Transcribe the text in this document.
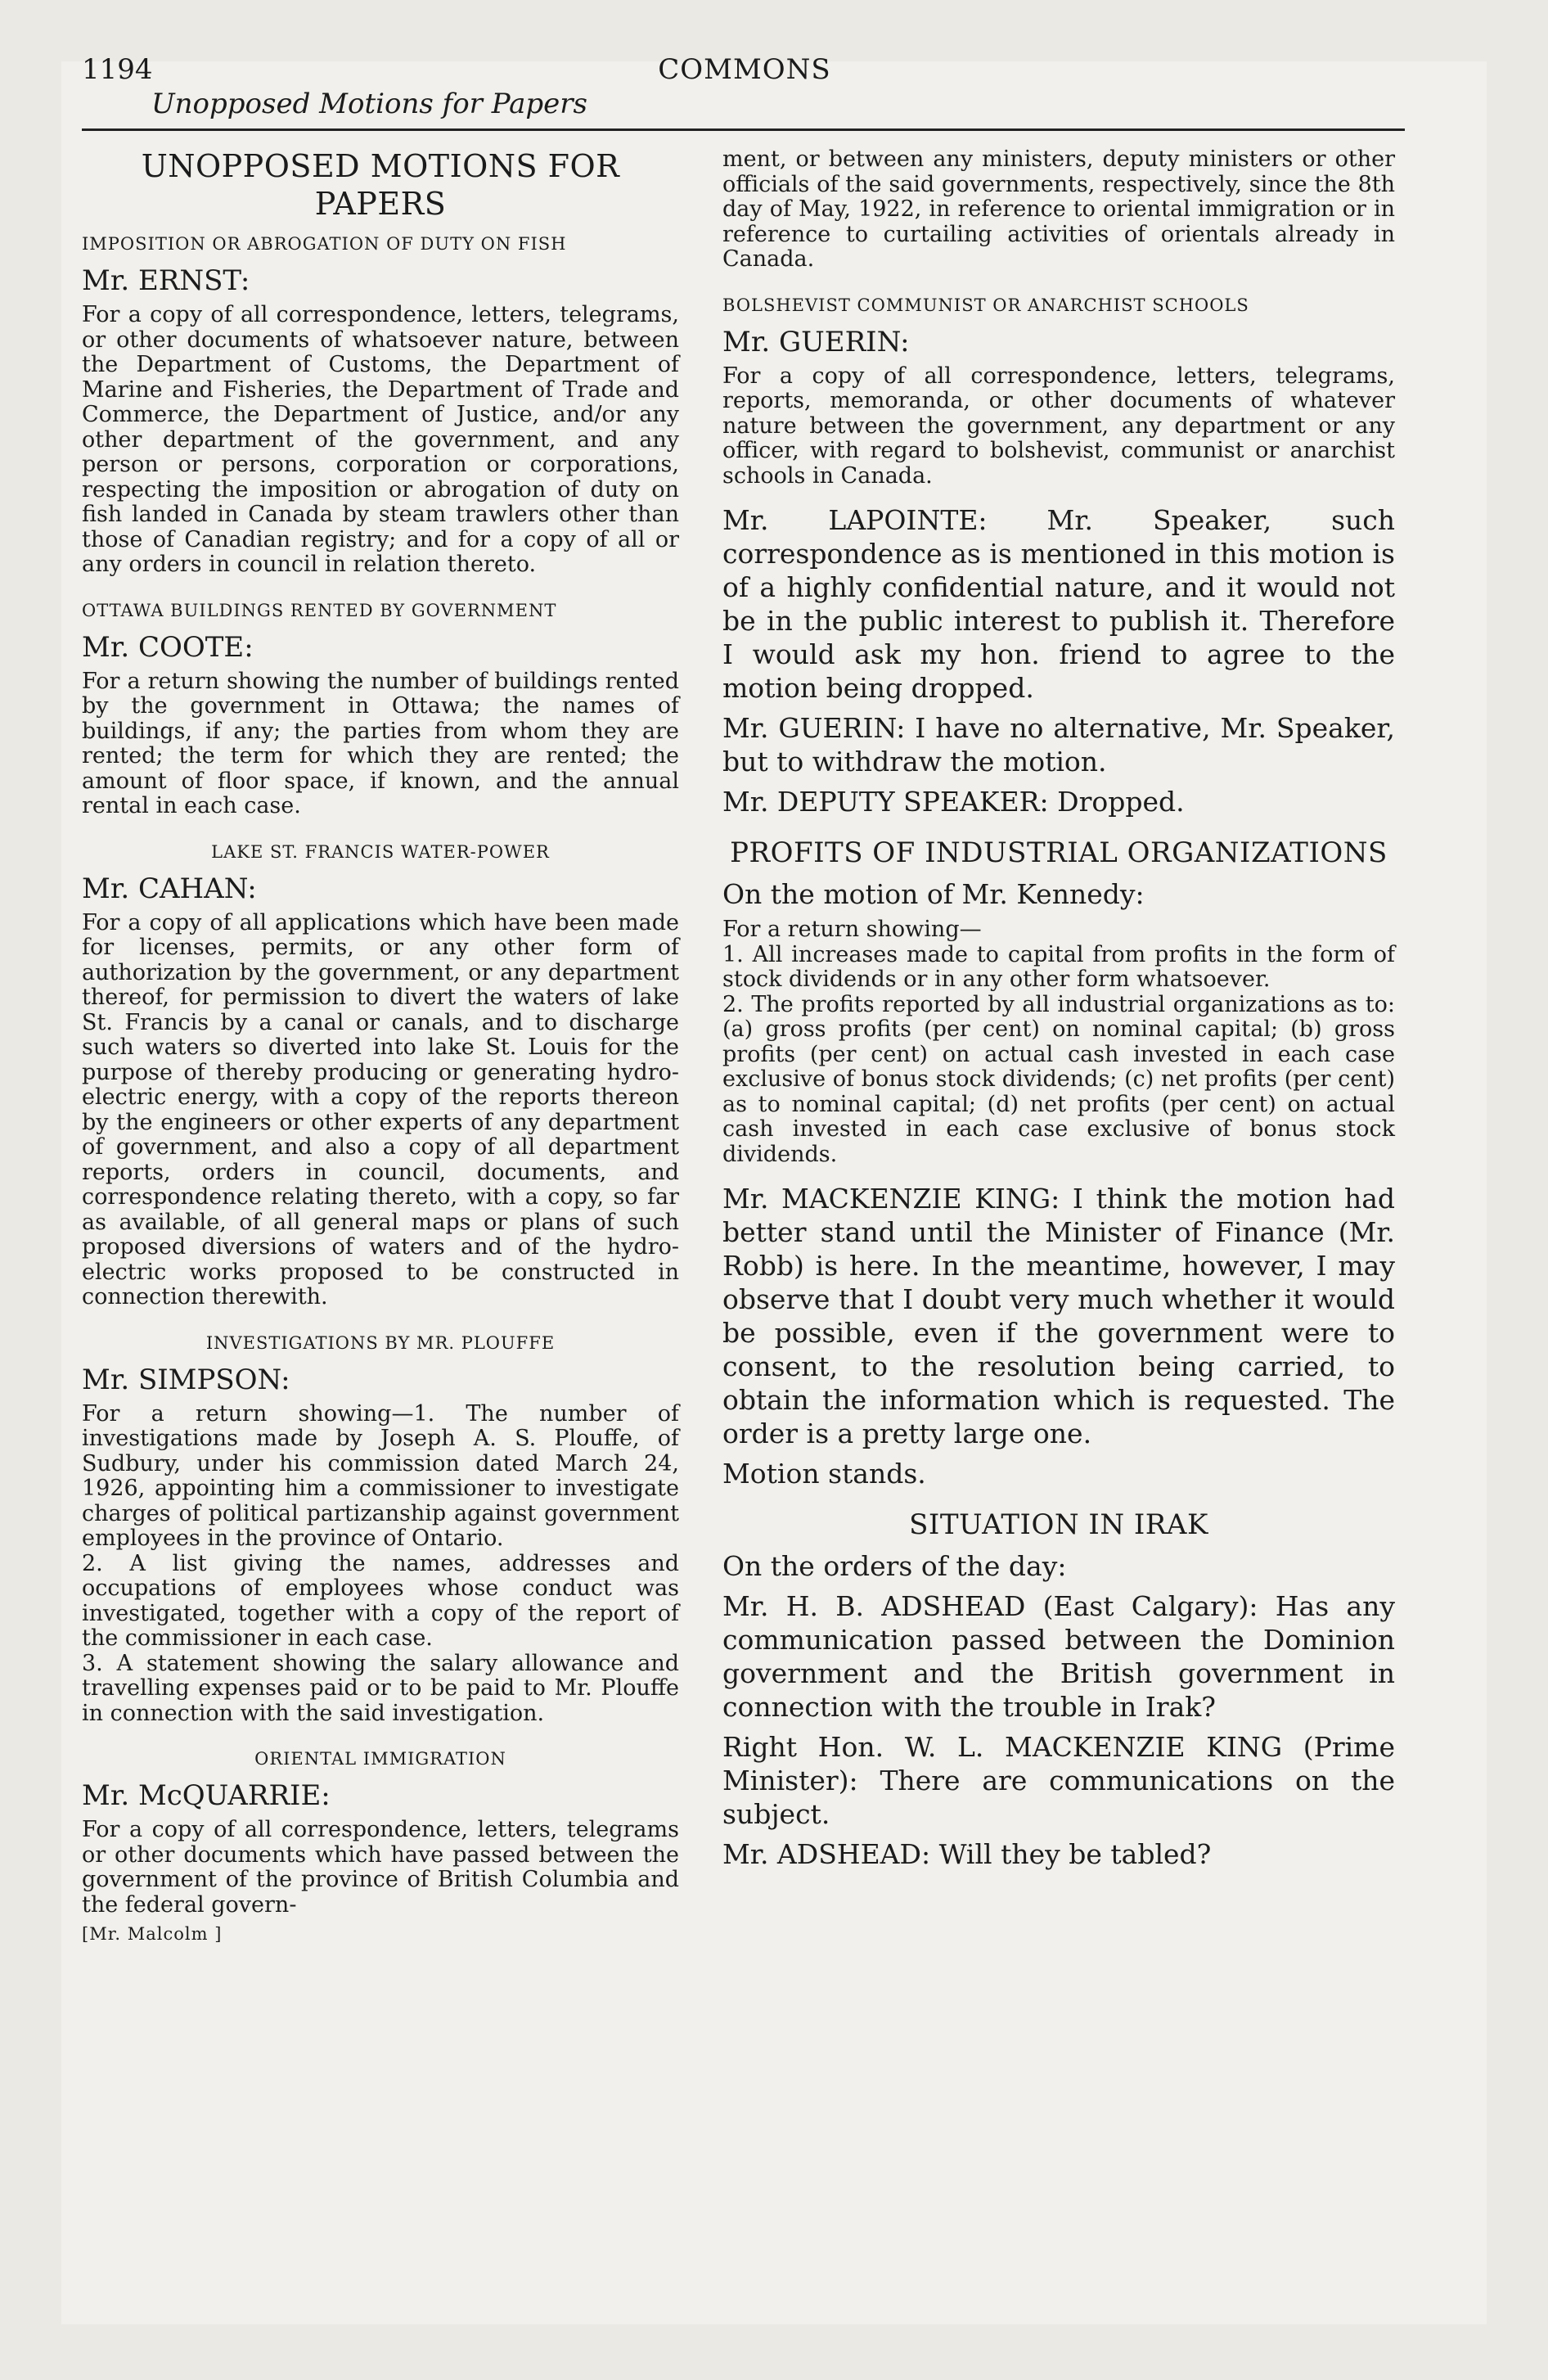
1194	COMMONS
Unopposed Motions for Papers

UNOPPOSED MOTIONS FOR PAPERS

IMPOSITION OR ABROGATION OF DUTY ON FISH

Mr. ERNST:

For a copy of all correspondence, letters, telegrams, or other documents of whatsoever nature, between the Department of Customs, the Department of Marine and Fisheries, the Department of Trade and Commerce, the Department of Justice, and/or any other department of the government, and any person or persons, corporation or corporations, respecting the imposition or abrogation of duty on fish landed in Canada by steam trawlers other than those of Canadian registry; and for a copy of all or any orders in council in relation thereto.

OTTAWA BUILDINGS RENTED BY GOVERNMENT

Mr. COOTE:

For a return showing the number of buildings rented by the government in Ottawa; the names of buildings, if any; the parties from whom they are rented; the term for which they are rented; the amount of floor space, if known, and the annual rental in each case.

LAKE ST. FRANCIS WATER-POWER

Mr. CAHAN:

For a copy of all applications which have been made for licenses, permits, or any other form of authorization by the government, or any department thereof, for permission to divert the waters of lake St. Francis by a canal or canals, and to discharge such waters so diverted into lake St. Louis for the purpose of thereby producing or generating hydro-electric energy, with a copy of the reports thereon by the engineers or other experts of any department of government, and also a copy of all department reports, orders in council, documents, and correspondence relating thereto, with a copy, so far as available, of all general maps or plans of such proposed diversions of waters and of the hydro-electric works proposed to be constructed in connection therewith.

INVESTIGATIONS BY MR. PLOUFFE

Mr. SIMPSON:

For a return showing—1. The number of investigations made by Joseph A. S. Plouffe, of Sudbury, under his commission dated March 24, 1926, appointing him a commissioner to investigate charges of political partizanship against government employees in the province of Ontario.

2. A list giving the names, addresses and occupations of employees whose conduct was investigated, together with a copy of the report of the commissioner in each case.

3. A statement showing the salary allowance and travelling expenses paid or to be paid to Mr. Plouffe in connection with the said investigation.

ORIENTAL IMMIGRATION

Mr. McQUARRIE:

For a copy of all correspondence, letters, telegrams or other documents which have passed between the government of the province of British Columbia and the federal govern-

[Mr. Malcolm ]

ment, or between any ministers, deputy ministers or other officials of the said governments, respectively, since the 8th day of May, 1922, in reference to oriental immigration or in reference to curtailing activities of orientals already in Canada.

BOLSHEVIST COMMUNIST OR ANARCHIST SCHOOLS

Mr. GUERIN:

For a copy of all correspondence, letters, telegrams, reports, memoranda, or other documents of whatever nature between the government, any department or any officer, with regard to bolshevist, communist or anarchist schools in Canada.

Mr. LAPOINTE: Mr. Speaker, such correspondence as is mentioned in this motion is of a highly confidential nature, and it would not be in the public interest to publish it. Therefore I would ask my hon. friend to agree to the motion being dropped.

Mr. GUERIN: I have no alternative, Mr. Speaker, but to withdraw the motion.

Mr. DEPUTY SPEAKER: Dropped.

PROFITS OF INDUSTRIAL ORGANIZATIONS

On the motion of Mr. Kennedy:

For a return showing—

1. All increases made to capital from profits in the form of stock dividends or in any other form whatsoever.

2. The profits reported by all industrial organizations as to: (a) gross profits (per cent) on nominal capital; (b) gross profits (per cent) on actual cash invested in each case exclusive of bonus stock dividends; (c) net profits (per cent) as to nominal capital; (d) net profits (per cent) on actual cash invested in each case exclusive of bonus stock dividends.

Mr. MACKENZIE KING: I think the motion had better stand until the Minister of Finance (Mr. Robb) is here. In the meantime, however, I may observe that I doubt very much whether it would be possible, even if the government were to consent, to the resolution being carried, to obtain the information which is requested. The order is a pretty large one.

Motion stands.

SITUATION IN IRAK

On the orders of the day:

Mr. H. B. ADSHEAD (East Calgary): Has any communication passed between the Dominion government and the British government in connection with the trouble in Irak?

Right Hon. W. L. MACKENZIE KING (Prime Minister): There are communications on the subject.

Mr. ADSHEAD: Will they be tabled?
